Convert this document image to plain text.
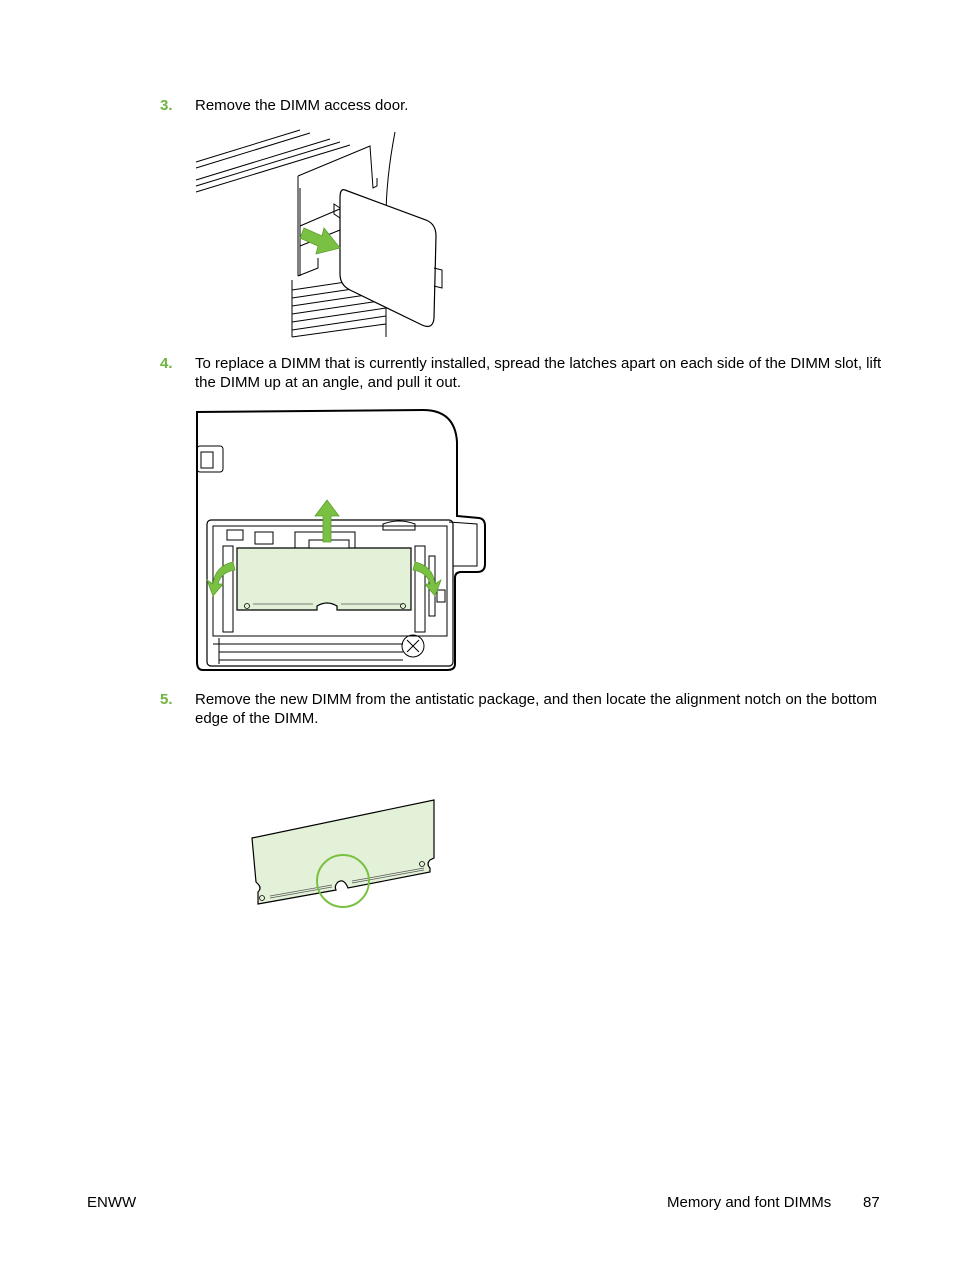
3. Remove the DIMM access door.
4. To replace a DIMM that is currently installed, spread the latches apart on each side of the DIMM slot, lift the DIMM up at an angle, and pull it out.
5. Remove the new DIMM from the antistatic package, and then locate the alignment notch on the bottom edge of the DIMM.
ENWW	Memory and font DIMMs 87
